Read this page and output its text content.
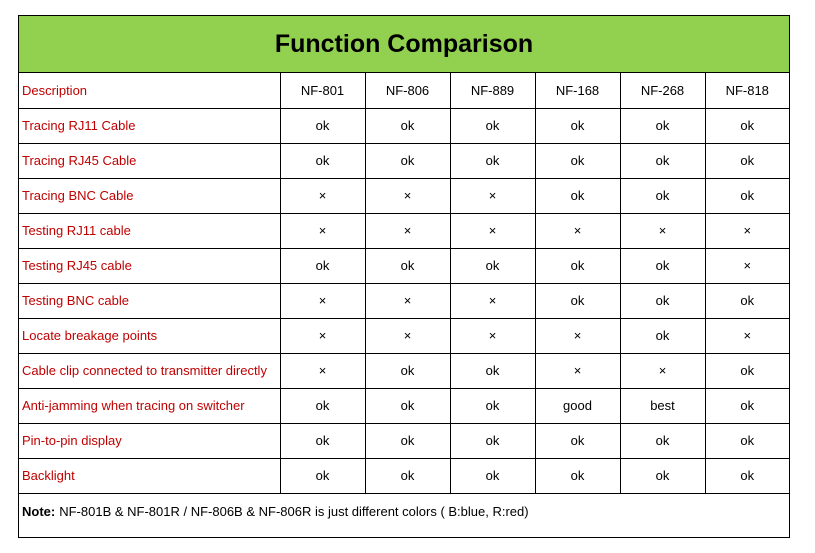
Function Comparison
Description	NF-801	NF-806	NF-889	NF-168	NF-268	NF-818
Tracing RJ11 Cable	ok	ok	ok	ok	ok	ok
Tracing RJ45 Cable	ok	ok	ok	ok	ok	ok
Tracing BNC Cable	×	×	×	ok	ok	ok
Testing RJ11 cable	×	×	×	×	×	×
Testing RJ45 cable	ok	ok	ok	ok	ok	×
Testing BNC cable	×	×	×	ok	ok	ok
Locate breakage points	×	×	×	×	ok	×
Cable clip connected to transmitter directly	×	ok	ok	×	×	ok
Anti-jamming when tracing on switcher	ok	ok	ok	good	best	ok
Pin-to-pin display	ok	ok	ok	ok	ok	ok
Backlight	ok	ok	ok	ok	ok	ok
Note: NF-801B & NF-801R / NF-806B & NF-806R is just different colors ( B:blue, R:red)
